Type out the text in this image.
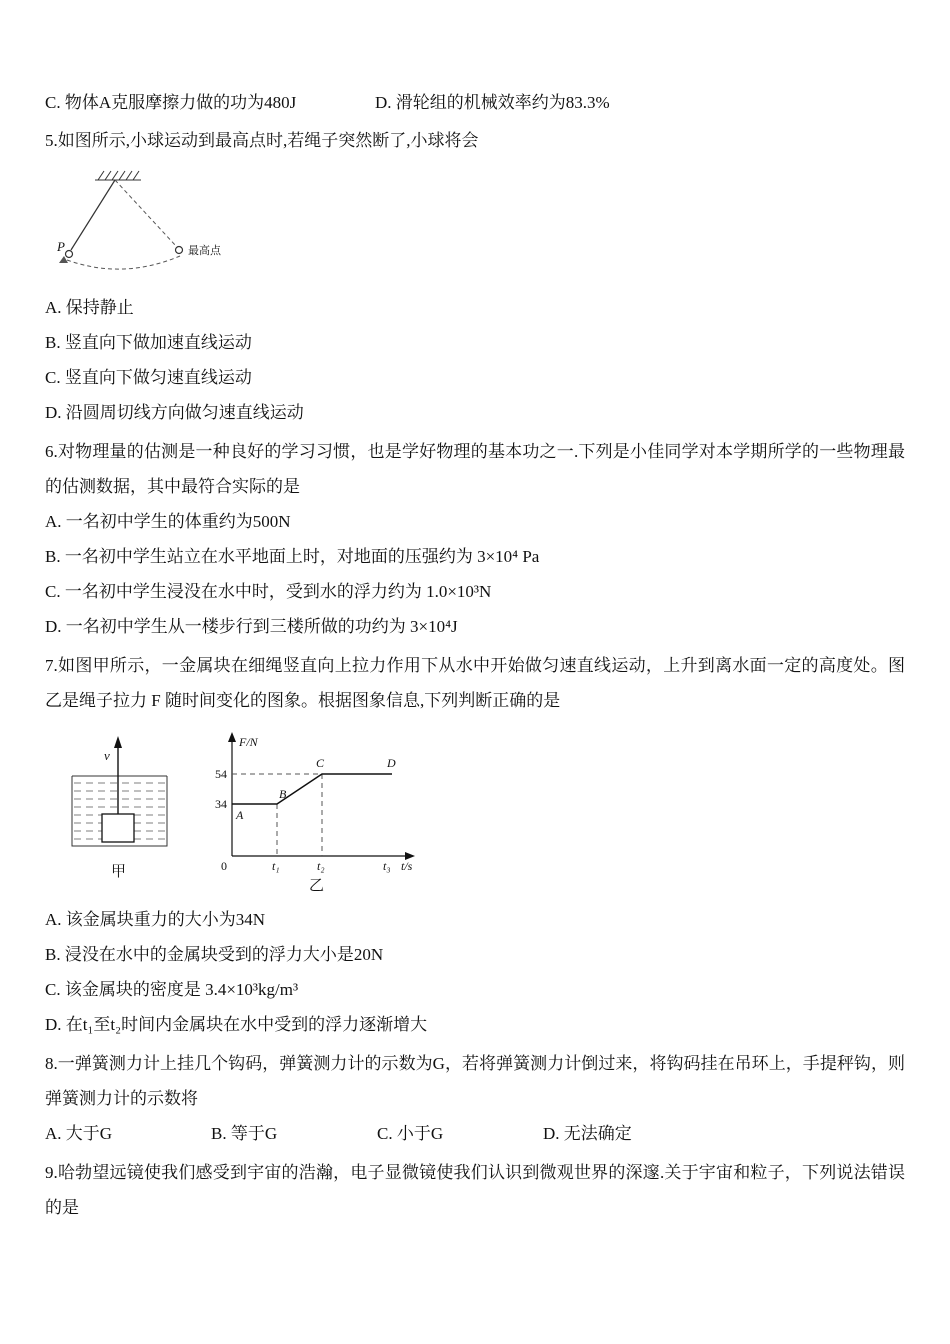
C. 物体A克服摩擦力做的功为480J	D. 滑轮组的机械效率约为83.3%

5.如图所示,小球运动到最高点时,若绳子突然断了,小球将会

P	最高点

A. 保持静止

B. 竖直向下做加速直线运动

C. 竖直向下做匀速直线运动

D. 沿圆周切线方向做匀速直线运动

6.对物理量的估测是一种良好的学习习惯，也是学好物理的基本功之一.下列是小佳同学对本学期所学的一些物理最的估测数据，其中最符合实际的是

A. 一名初中学生的体重约为500N

B. 一名初中学生站立在水平地面上时，对地面的压强约为 3×10⁴ Pa

C. 一名初中学生浸没在水中时，受到水的浮力约为 1.0×10³N

D. 一名初中学生从一楼步行到三楼所做的功约为 3×10⁴J

7.如图甲所示，一金属块在细绳竖直向上拉力作用下从水中开始做匀速直线运动，上升到离水面一定的高度处。图乙是绳子拉力 F 随时间变化的图象。根据图象信息,下列判断正确的是

v
甲
F/N
54
34
0	t₁	t₂	t₃ t/s
A
B
C	D
乙

A. 该金属块重力的大小为34N

B. 浸没在水中的金属块受到的浮力大小是20N

C. 该金属块的密度是 3.4×10³kg/m³

D. 在t₁至t₂时间内金属块在水中受到的浮力逐渐增大

8.一弹簧测力计上挂几个钩码，弹簧测力计的示数为G，若将弹簧测力计倒过来，将钩码挂在吊环上，手提秤钩，则弹簧测力计的示数将

A. 大于G	B. 等于G	C. 小于G	D. 无法确定

9.哈勃望远镜使我们感受到宇宙的浩瀚，电子显微镜使我们认识到微观世界的深邃.关于宇宙和粒子，下列说法错误的是
